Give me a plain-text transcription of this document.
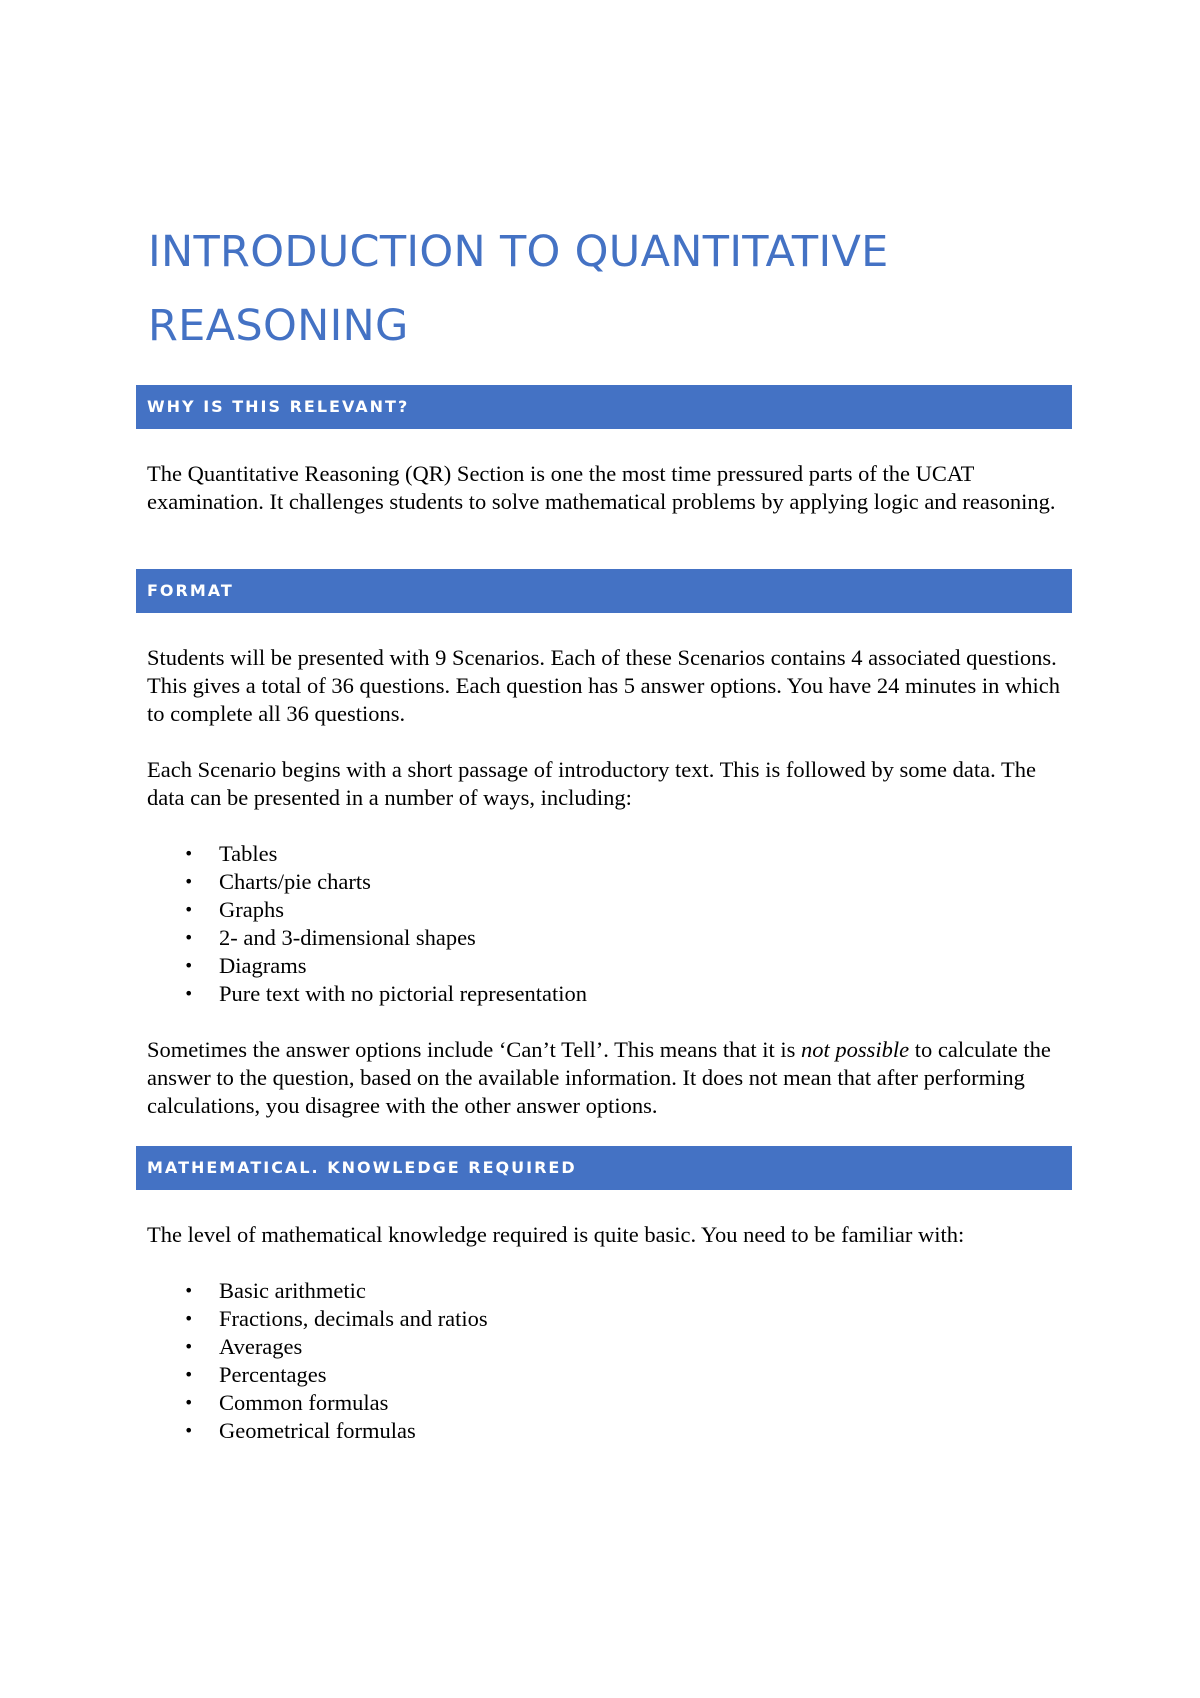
INTRODUCTION TO QUANTITATIVE
REASONING
WHY IS THIS RELEVANT?

The Quantitative Reasoning (QR) Section is one the most time pressured parts of the UCAT examination. It challenges students to solve mathematical problems by applying logic and reasoning.

FORMAT

Students will be presented with 9 Scenarios. Each of these Scenarios contains 4 associated questions. This gives a total of 36 questions. Each question has 5 answer options. You have 24 minutes in which to complete all 36 questions.

Each Scenario begins with a short passage of introductory text. This is followed by some data. The data can be presented in a number of ways, including:

• Tables
• Charts/pie charts
• Graphs
• 2- and 3-dimensional shapes
• Diagrams
• Pure text with no pictorial representation

Sometimes the answer options include ‘Can’t Tell’. This means that it is not possible to calculate the answer to the question, based on the available information. It does not mean that after performing calculations, you disagree with the other answer options.

MATHEMATICAL. KNOWLEDGE REQUIRED

The level of mathematical knowledge required is quite basic. You need to be familiar with:

• Basic arithmetic
• Fractions, decimals and ratios
• Averages
• Percentages
• Common formulas
• Geometrical formulas
